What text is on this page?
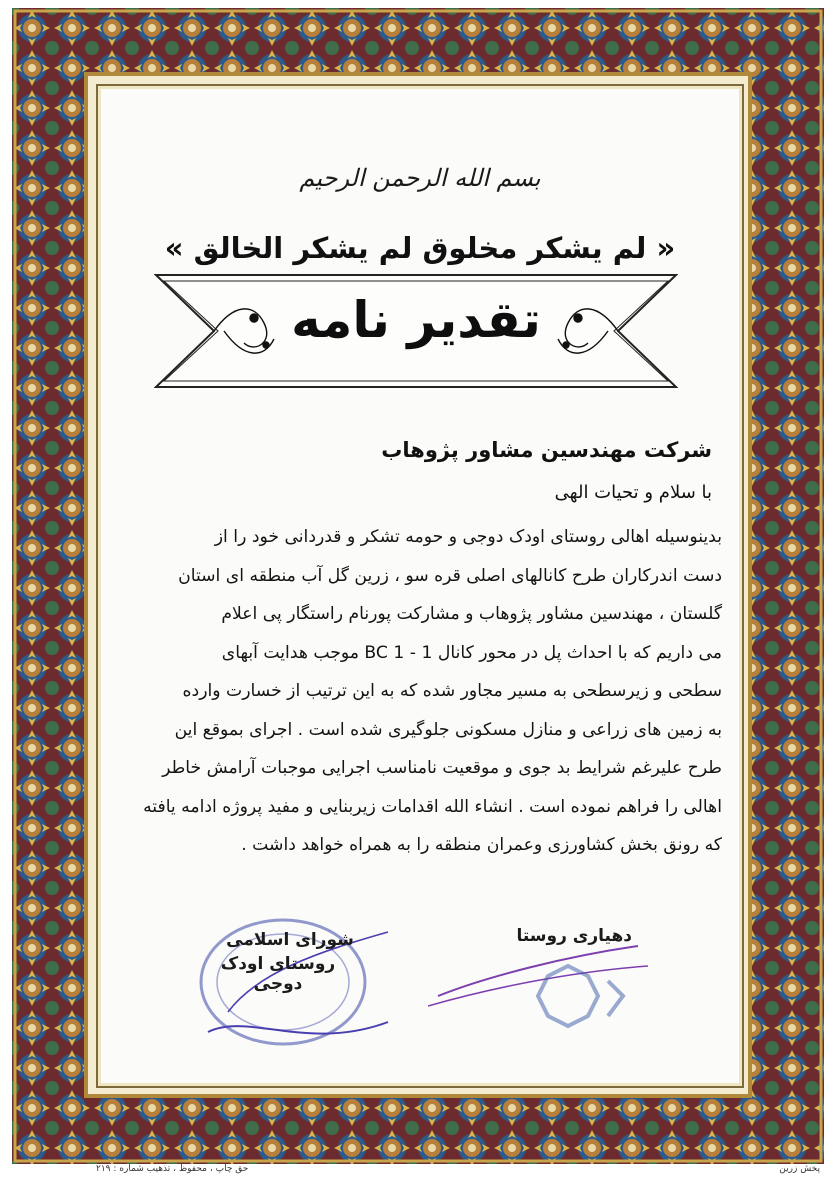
بسم الله الرحمن الرحیم
« لم یشکر مخلوق لم یشکر الخالق »
تقدیر نامه
شرکت مهندسین مشاور پژوهاب
با سلام و تحیات الهی

بدینوسیله اهالی روستای اودک دوجی و حومه تشکر و قدردانی خود را از

دست اندرکاران طرح کانالهای اصلی قره سو ، زرین گل آب منطقه ای استان

گلستان ، مهندسین مشاور پژوهاب و مشارکت پورنام راستگار پی اعلام

می داریم که با احداث پل در محور کانال BC 1 - 1 موجب هدایت آبهای

سطحی و زیرسطحی به مسیر مجاور شده که به این ترتیب از خسارت وارده

به زمین های زراعی و منازل مسکونی جلوگیری شده است . اجرای بموقع این

طرح علیرغم شرایط بد جوی و موقعیت نامناسب اجرایی موجبات آرامش خاطر

اهالی را فراهم نموده است . انشاء الله اقدامات زیربنایی و مفید پروژه ادامه یافته

که رونق بخش کشاورزی وعمران منطقه را به همراه خواهد داشت .

شورای اسلامی
روستای اودک دوجی
دهیاری روستا
حق چاپ ، محفوظ ، تذهیب شماره : ۲۱۹	پخش زرین
